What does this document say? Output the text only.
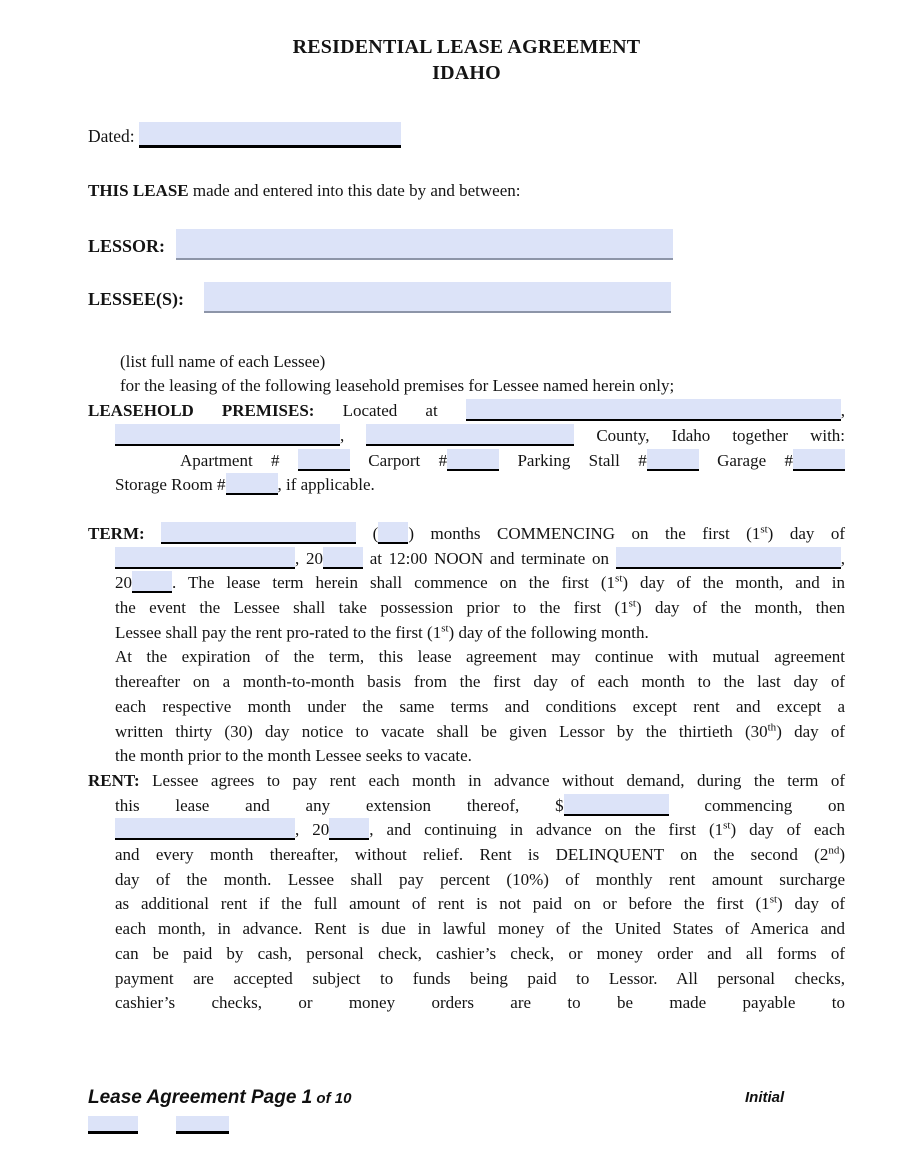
RESIDENTIAL LEASE AGREEMENT
IDAHO
Dated:
THIS LEASE made and entered into this date by and between:
LESSOR:
LESSEE(S):
(list full name of each Lessee)
for the leasing of the following leasehold premises for Lessee named herein only;
LEASEHOLD PREMISES: Located at	,
,	County, Idaho together with:
Apartment #	Carport #	Parking Stall #	Garage #
Storage Room #	, if applicable.
TERM:	( ) months COMMENCING on the first (1st) day of
, 20	at 12:00 NOON and terminate on	,
20 . The lease term herein shall commence on the first (1st) day of the month, and in
the event the Lessee shall take possession prior to the first (1st) day of the month, then
Lessee shall pay the rent pro-rated to the first (1st) day of the following month.
At the expiration of the term, this lease agreement may continue with mutual agreement
thereafter on a month-to-month basis from the first day of each month to the last day of
each respective month under the same terms and conditions except rent and except a
written thirty (30) day notice to vacate shall be given Lessor by the thirtieth (30th) day of
the month prior to the month Lessee seeks to vacate.
RENT: Lessee agrees to pay rent each month in advance without demand, during the term of
this lease and any extension thereof, $	commencing on
, 20 , and continuing in advance on the first (1st) day of each
and every month thereafter, without relief. Rent is DELINQUENT on the second (2nd)
day of the month. Lessee shall pay percent (10%) of monthly rent amount surcharge
as additional rent if the full amount of rent is not paid on or before the first (1st) day of
each month, in advance. Rent is due in lawful money of the United States of America and
can be paid by cash, personal check, cashier’s check, or money order and all forms of
payment are accepted subject to funds being paid to Lessor. All personal checks,
cashier’s checks, or money orders are to be made payable to
Lease Agreement Page 1 of 10	Initial
